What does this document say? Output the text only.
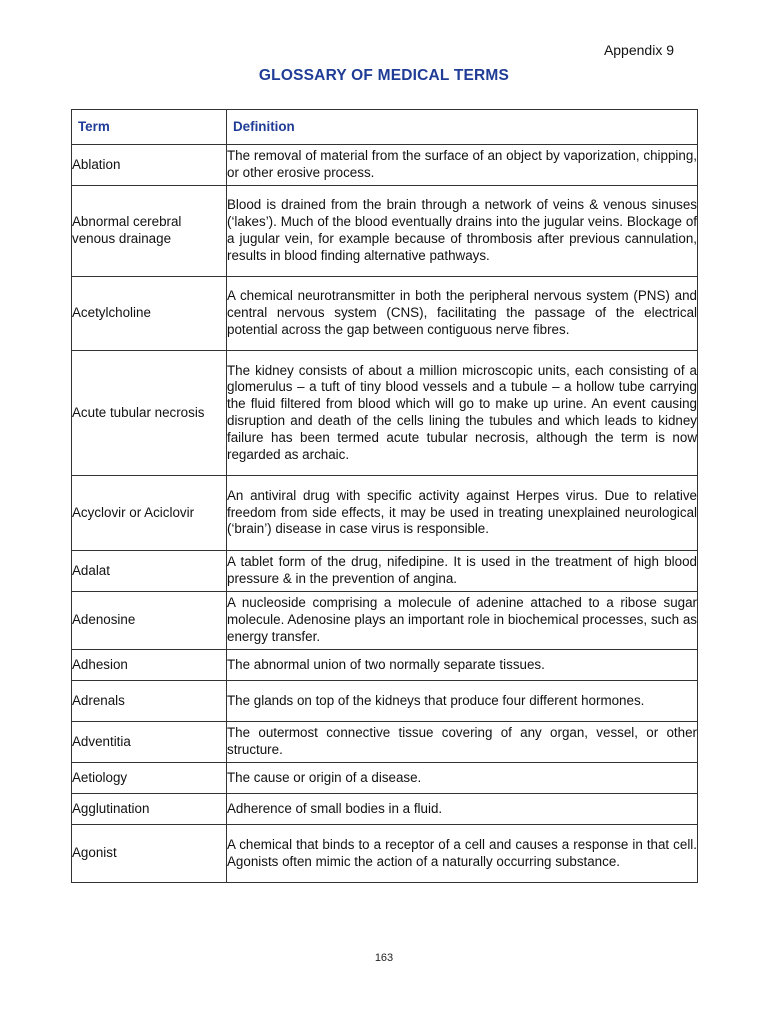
Appendix 9
GLOSSARY OF MEDICAL TERMS
Term	Definition
Ablation	The removal of material from the surface of an object by vaporization, chipping, or other erosive process.
Abnormal cerebral venous drainage	Blood is drained from the brain through a network of veins & venous sinuses (‘lakes’). Much of the blood eventually drains into the jugular veins. Blockage of a jugular vein, for example because of thrombosis after previous cannulation, results in blood finding alternative pathways.
Acetylcholine	A chemical neurotransmitter in both the peripheral nervous system (PNS) and central nervous system (CNS), facilitating the passage of the electrical potential across the gap between contiguous nerve fibres.
Acute tubular necrosis	The kidney consists of about a million microscopic units, each consisting of a glomerulus – a tuft of tiny blood vessels and a tubule – a hollow tube carrying the fluid filtered from blood which will go to make up urine. An event causing disruption and death of the cells lining the tubules and which leads to kidney failure has been termed acute tubular necrosis, although the term is now regarded as archaic.
Acyclovir or Aciclovir	An antiviral drug with specific activity against Herpes virus. Due to relative freedom from side effects, it may be used in treating unexplained neurological (‘brain’) disease in case virus is responsible.
Adalat	A tablet form of the drug, nifedipine. It is used in the treatment of high blood pressure & in the prevention of angina.
Adenosine	A nucleoside comprising a molecule of adenine attached to a ribose sugar molecule. Adenosine plays an important role in biochemical processes, such as energy transfer.
Adhesion	The abnormal union of two normally separate tissues.
Adrenals	The glands on top of the kidneys that produce four different hormones.
Adventitia	The outermost connective tissue covering of any organ, vessel, or other structure.
Aetiology	The cause or origin of a disease.
Agglutination	Adherence of small bodies in a fluid.
Agonist	A chemical that binds to a receptor of a cell and causes a response in that cell. Agonists often mimic the action of a naturally occurring substance.
163
